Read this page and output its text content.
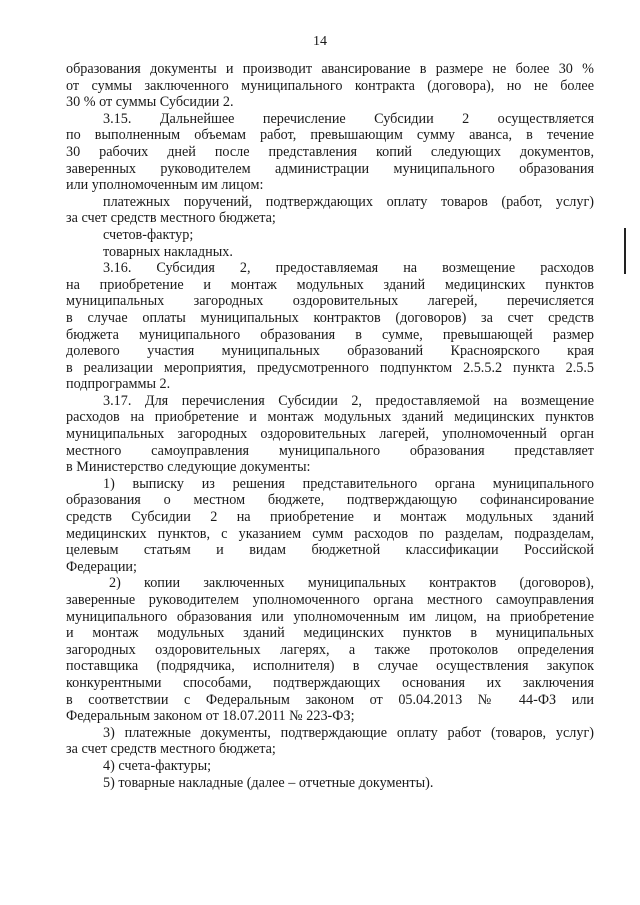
14
образования документы и производит авансирование в размере не более 30 %
от суммы заключенного муниципального контракта (договора), но не более
30 % от суммы Субсидии 2.
3.15. Дальнейшее перечисление Субсидии 2 осуществляется
по выполненным объемам работ, превышающим сумму аванса, в течение
30 рабочих дней после представления копий следующих документов,
заверенных руководителем администрации муниципального образования
или уполномоченным им лицом:
платежных поручений, подтверждающих оплату товаров (работ, услуг)
за счет средств местного бюджета;
счетов-фактур;
товарных накладных.
3.16. Субсидия 2, предоставляемая на возмещение расходов
на приобретение и монтаж модульных зданий медицинских пунктов
муниципальных загородных оздоровительных лагерей, перечисляется
в случае оплаты муниципальных контрактов (договоров) за счет средств
бюджета муниципального образования в сумме, превышающей размер
долевого участия муниципальных образований Красноярского края
в реализации мероприятия, предусмотренного подпунктом 2.5.5.2 пункта 2.5.5
подпрограммы 2.
3.17. Для перечисления Субсидии 2, предоставляемой на возмещение
расходов на приобретение и монтаж модульных зданий медицинских пунктов
муниципальных загородных оздоровительных лагерей, уполномоченный орган
местного самоуправления муниципального образования представляет
в Министерство следующие документы:
1) выписку из решения представительного органа муниципального
образования о местном бюджете, подтверждающую софинансирование
средств Субсидии 2 на приобретение и монтаж модульных зданий
медицинских пунктов, с указанием сумм расходов по разделам, подразделам,
целевым статьям и видам бюджетной классификации Российской
Федерации;
2) копии заключенных муниципальных контрактов (договоров),
заверенные руководителем уполномоченного органа местного самоуправления
муниципального образования или уполномоченным им лицом, на приобретение
и монтаж модульных зданий медицинских пунктов в муниципальных
загородных оздоровительных лагерях, а также протоколов определения
поставщика (подрядчика, исполнителя) в случае осуществления закупок
конкурентными способами, подтверждающих основания их заключения
в соответствии с Федеральным законом от 05.04.2013 № 44-ФЗ или
Федеральным законом от 18.07.2011 № 223-ФЗ;
3) платежные документы, подтверждающие оплату работ (товаров, услуг)
за счет средств местного бюджета;
4) счета-фактуры;
5) товарные накладные (далее – отчетные документы).
